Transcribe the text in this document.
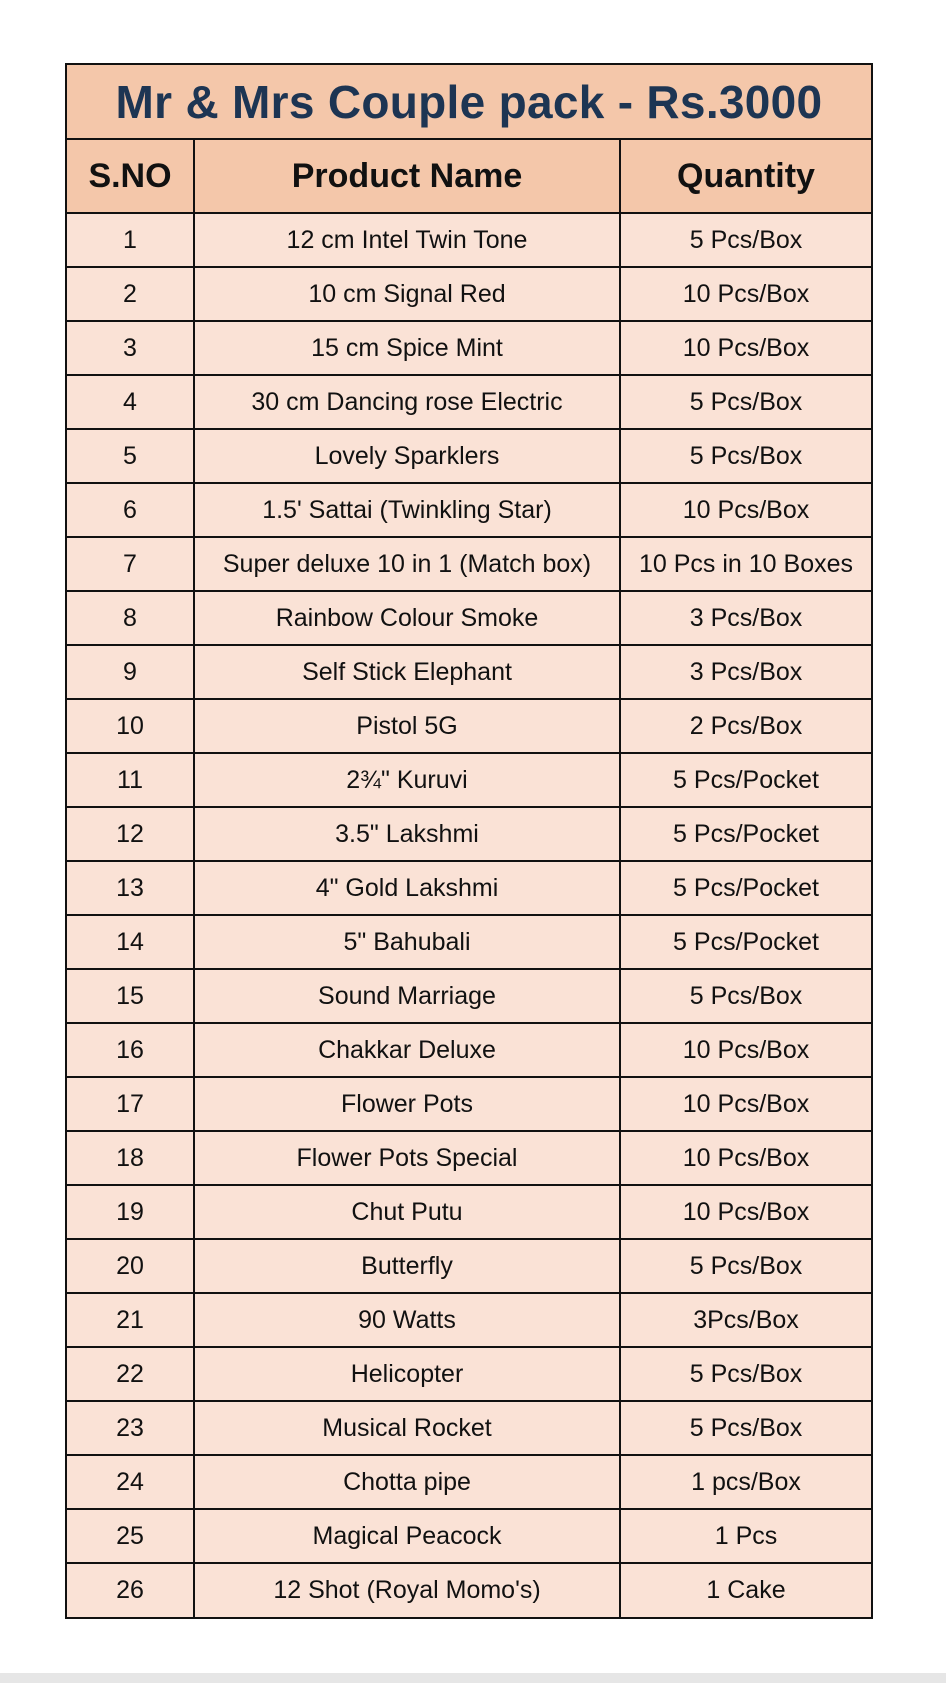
Mr & Mrs Couple pack - Rs.3000
S.NO	Product Name	Quantity
1	12 cm Intel Twin Tone	5 Pcs/Box
2	10 cm Signal Red	10 Pcs/Box
3	15 cm Spice Mint	10 Pcs/Box
4	30 cm Dancing rose Electric	5 Pcs/Box
5	Lovely Sparklers	5 Pcs/Box
6	1.5' Sattai (Twinkling Star)	10 Pcs/Box
7	Super deluxe 10 in 1 (Match box)	10 Pcs in 10 Boxes
8	Rainbow Colour Smoke	3 Pcs/Box
9	Self Stick Elephant	3 Pcs/Box
10	Pistol 5G	2 Pcs/Box
11	2¾" Kuruvi	5 Pcs/Pocket
12	3.5" Lakshmi	5 Pcs/Pocket
13	4" Gold Lakshmi	5 Pcs/Pocket
14	5" Bahubali	5 Pcs/Pocket
15	Sound Marriage	5 Pcs/Box
16	Chakkar Deluxe	10 Pcs/Box
17	Flower Pots	10 Pcs/Box
18	Flower Pots Special	10 Pcs/Box
19	Chut Putu	10 Pcs/Box
20	Butterfly	5 Pcs/Box
21	90 Watts	3Pcs/Box
22	Helicopter	5 Pcs/Box
23	Musical Rocket	5 Pcs/Box
24	Chotta pipe	1 pcs/Box
25	Magical Peacock	1 Pcs
26	12 Shot (Royal Momo's)	1 Cake
